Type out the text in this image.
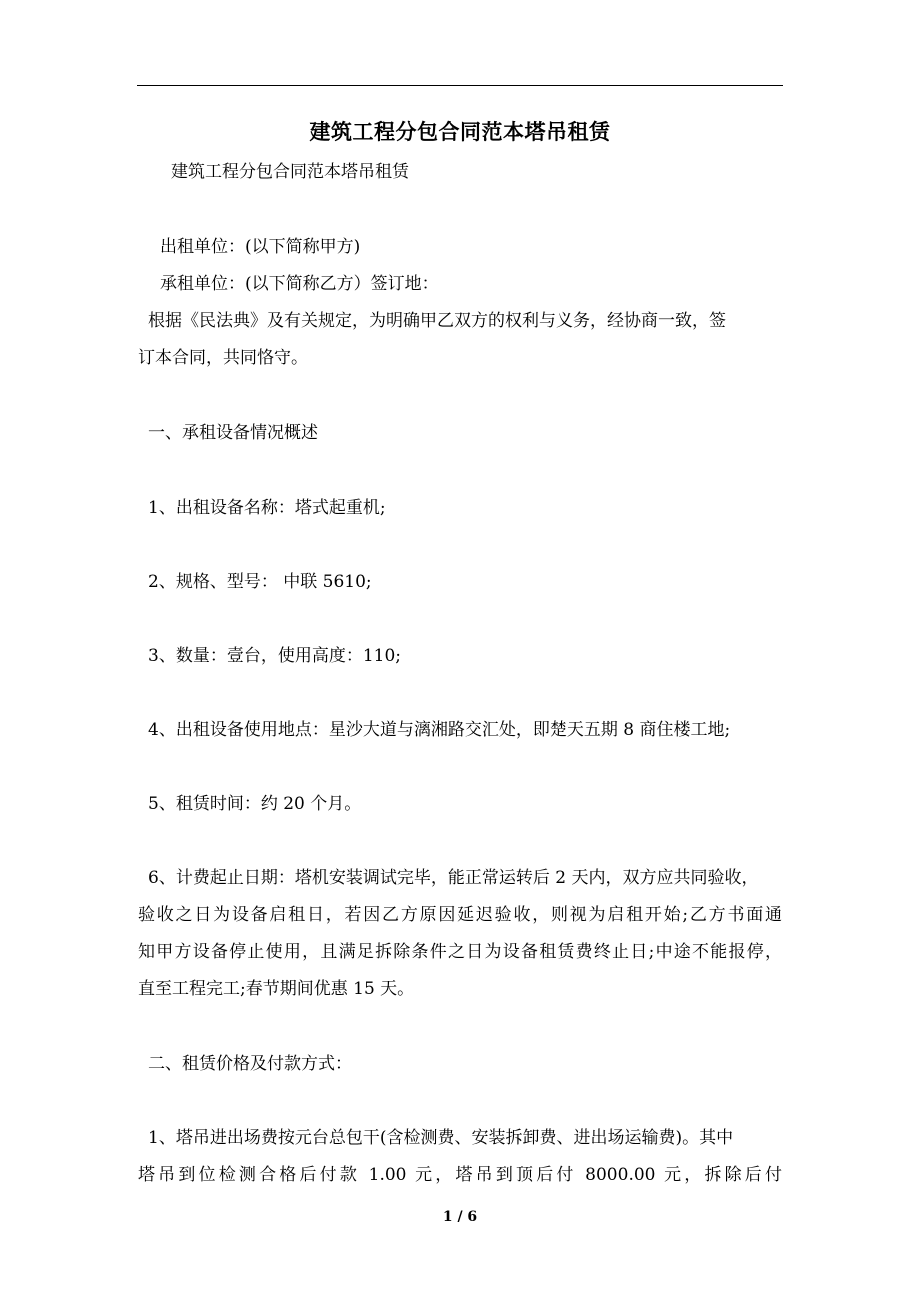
建筑工程分包合同范本塔吊租赁
建筑工程分包合同范本塔吊租赁
出租单位：(以下简称甲方)
承租单位：(以下简称乙方）签订地：
根据《民法典》及有关规定，为明确甲乙双方的权利与义务，经协商一致，签
订本合同，共同恪守。
一、承租设备情况概述
1、出租设备名称：塔式起重机;
2、规格、型号： 中联 5610;
3、数量：壹台，使用高度：110;
4、出租设备使用地点：星沙大道与漓湘路交汇处，即楚天五期 8 商住楼工地;
5、租赁时间：约 20 个月。
6、计费起止日期：塔机安装调试完毕，能正常运转后 2 天内，双方应共同验收，
验收之日为设备启租日，若因乙方原因延迟验收，则视为启租开始;乙方书面通
知甲方设备停止使用，且满足拆除条件之日为设备租赁费终止日;中途不能报停，
直至工程完工;春节期间优惠 15 天。
二、租赁价格及付款方式：
1、塔吊进出场费按元台总包干(含检测费、安装拆卸费、进出场运输费)。其中
塔吊到位检测合格后付款 1.00 元，塔吊到顶后付 8000.00 元，拆除后付
1 / 6
